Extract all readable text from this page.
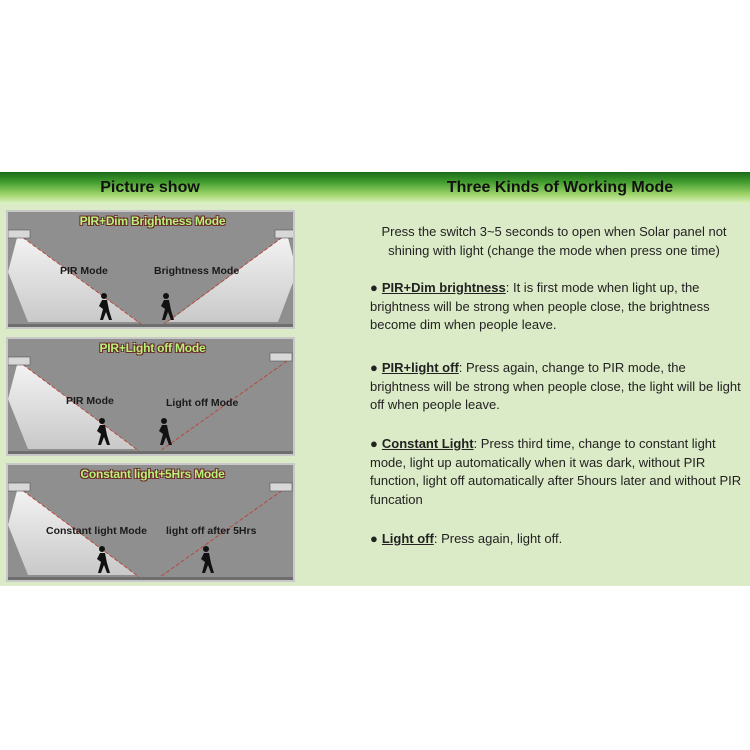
Picture show	Three Kinds of Working Mode
PIR+Dim Brightness Mode
PIR Mode	Brightness Mode
PIR+Light off Mode
PIR Mode	Light off Mode
Constant light+5Hrs Mode
Constant light Mode light off after 5Hrs
Press the switch 3~5 seconds to open when Solar panel not shining with light (change the mode when press one time)
● PIR+Dim brightness: It is first mode when light up, the brightness will be strong when people close, the brightness become dim when people leave.
● PIR+light off: Press again, change to PIR mode, the brightness will be strong when people close, the light will be light off when people leave.
● Constant Light: Press third time, change to constant light mode, light up automatically when it was dark, without PIR function, light off automatically after 5hours later and without PIR funcation
● Light off: Press again, light off.
